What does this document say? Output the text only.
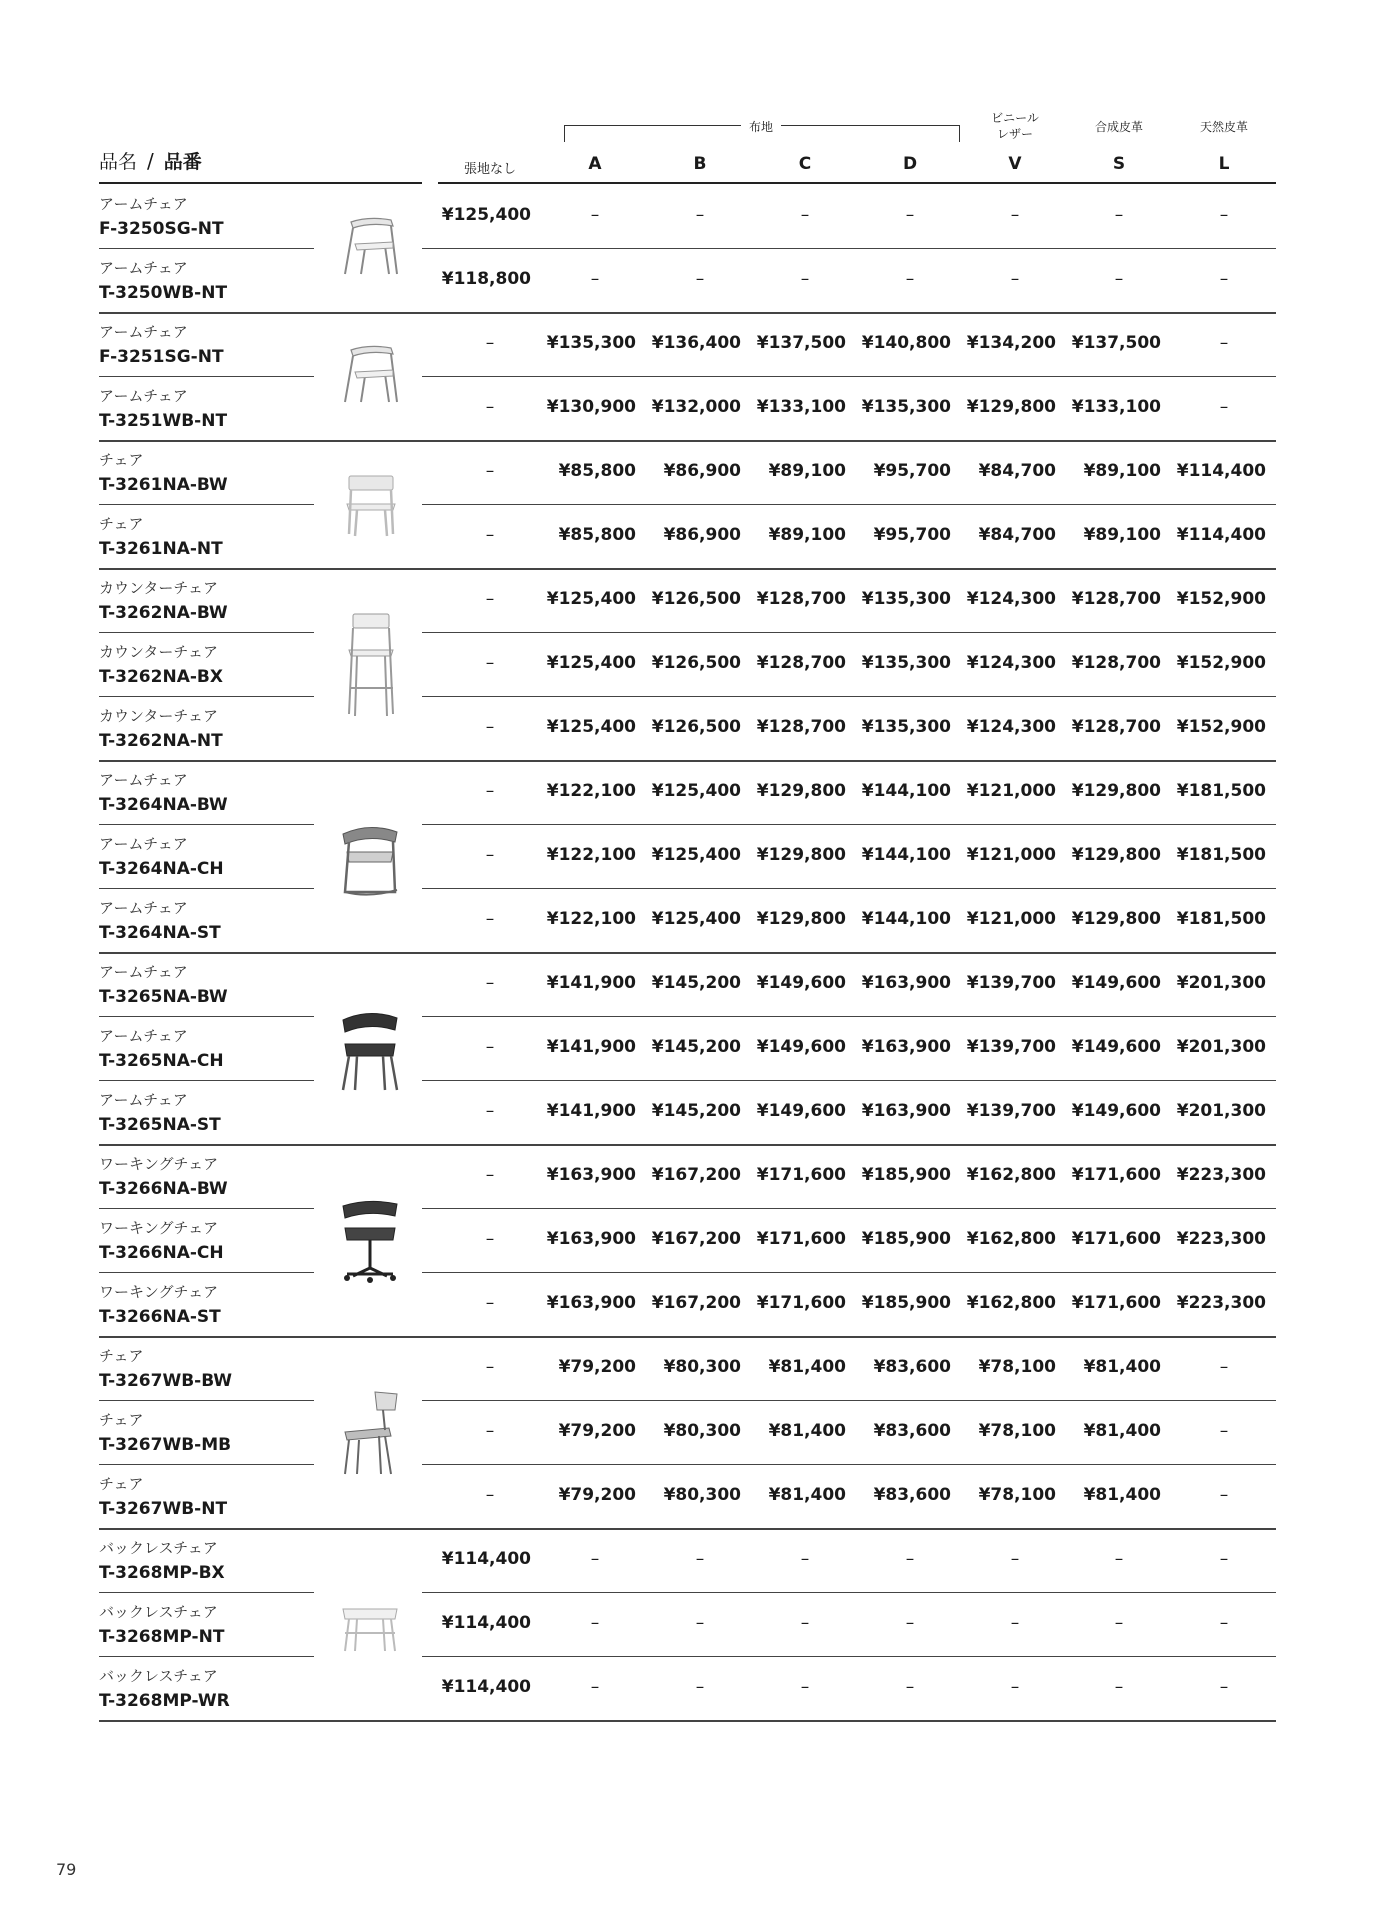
品名 / 品番
布地
ビニール
レザー	合成皮革	天然皮革
張地なし	A	B	C	D	V	S	L
アームチェア
F-3250SG-NT
¥125,400	–	–	–	–	–	–	–
アームチェア
T-3250WB-NT
¥118,800	–	–	–	–	–	–	–
アームチェア
F-3251SG-NT
–	¥135,300 ¥136,400 ¥137,500 ¥140,800 ¥134,200 ¥137,500	–
アームチェア
T-3251WB-NT
–	¥130,900 ¥132,000 ¥133,100 ¥135,300 ¥129,800 ¥133,100	–
チェア
T-3261NA-BW
–	¥85,800	¥86,900	¥89,100	¥95,700	¥84,700	¥89,100 ¥114,400
チェア
T-3261NA-NT
–	¥85,800	¥86,900	¥89,100	¥95,700	¥84,700	¥89,100 ¥114,400
カウンターチェア
T-3262NA-BW
–	¥125,400 ¥126,500 ¥128,700 ¥135,300 ¥124,300 ¥128,700 ¥152,900
カウンターチェア
T-3262NA-BX
–	¥125,400 ¥126,500 ¥128,700 ¥135,300 ¥124,300 ¥128,700 ¥152,900
カウンターチェア
T-3262NA-NT
–	¥125,400 ¥126,500 ¥128,700 ¥135,300 ¥124,300 ¥128,700 ¥152,900
アームチェア
T-3264NA-BW
–	¥122,100 ¥125,400 ¥129,800 ¥144,100 ¥121,000 ¥129,800 ¥181,500
アームチェア
T-3264NA-CH
–	¥122,100 ¥125,400 ¥129,800 ¥144,100 ¥121,000 ¥129,800 ¥181,500
アームチェア
T-3264NA-ST
–	¥122,100 ¥125,400 ¥129,800 ¥144,100 ¥121,000 ¥129,800 ¥181,500
アームチェア
T-3265NA-BW
–	¥141,900 ¥145,200 ¥149,600 ¥163,900 ¥139,700 ¥149,600 ¥201,300
アームチェア
T-3265NA-CH
–	¥141,900 ¥145,200 ¥149,600 ¥163,900 ¥139,700 ¥149,600 ¥201,300
アームチェア
T-3265NA-ST
–	¥141,900 ¥145,200 ¥149,600 ¥163,900 ¥139,700 ¥149,600 ¥201,300
ワーキングチェア
T-3266NA-BW
–	¥163,900 ¥167,200 ¥171,600 ¥185,900 ¥162,800 ¥171,600 ¥223,300
ワーキングチェア
T-3266NA-CH
–	¥163,900 ¥167,200 ¥171,600 ¥185,900 ¥162,800 ¥171,600 ¥223,300
ワーキングチェア
T-3266NA-ST
–	¥163,900 ¥167,200 ¥171,600 ¥185,900 ¥162,800 ¥171,600 ¥223,300
チェア
T-3267WB-BW
–	¥79,200	¥80,300	¥81,400	¥83,600	¥78,100	¥81,400	–
チェア
T-3267WB-MB
–	¥79,200	¥80,300	¥81,400	¥83,600	¥78,100	¥81,400	–
チェア
T-3267WB-NT
–	¥79,200	¥80,300	¥81,400	¥83,600	¥78,100	¥81,400	–
バックレスチェア
T-3268MP-BX
¥114,400	–	–	–	–	–	–	–
バックレスチェア
T-3268MP-NT
¥114,400	–	–	–	–	–	–	–
バックレスチェア
T-3268MP-WR
¥114,400	–	–	–	–	–	–	–
79
